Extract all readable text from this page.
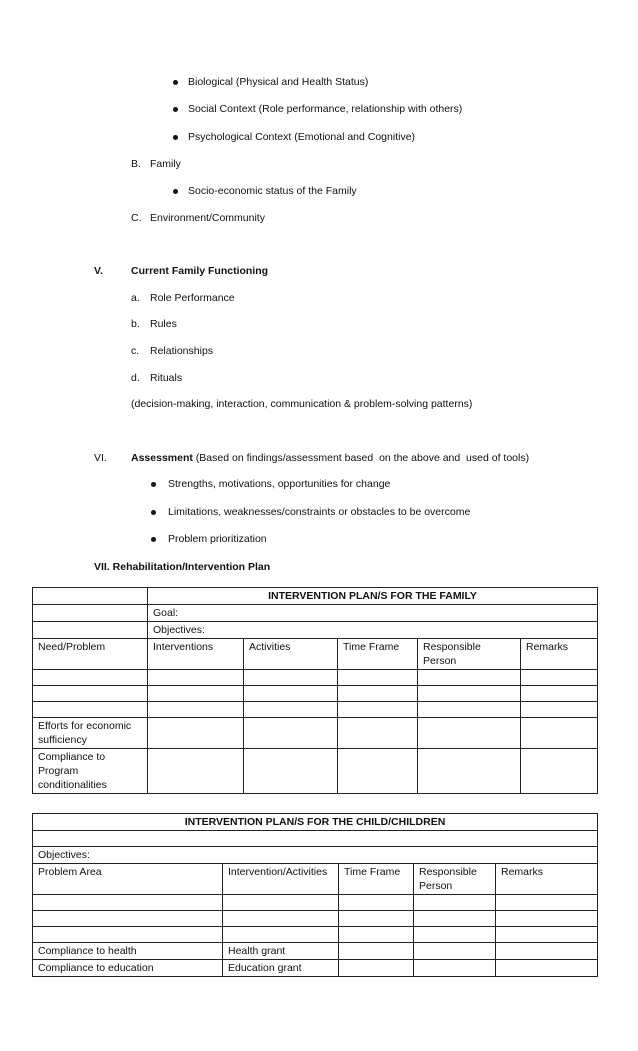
Biological (Physical and Health Status)
Social Context (Role performance, relationship with others)
Psychological Context (Emotional and Cognitive)
B. Family
Socio-economic status of the Family
C. Environment/Community
V.	Current Family Functioning
a. Role Performance
b. Rules
c. Relationships
d. Rituals
(decision-making, interaction, communication & problem-solving patterns)
VI. Assessment (Based on findings/assessment based  on the above and  used of tools)
Strengths, motivations, opportunities for change
Limitations, weaknesses/constraints or obstacles to be overcome
Problem prioritization
VII. Rehabilitation/Intervention Plan
	INTERVENTION PLAN/S FOR THE FAMILY				
	Goal:				
	Objectives:				
Need/Problem	Interventions	Activities	Time Frame	Responsible Person	Remarks

Efforts for economic sufficiency					
Compliance to Program conditionalities					
INTERVENTION PLAN/S FOR THE CHILD/CHILDREN				

Objectives:				
Problem Area	Intervention/Activities	Time Frame	Responsible Person	Remarks

Compliance to health	Health grant			
Compliance to education	Education grant			
